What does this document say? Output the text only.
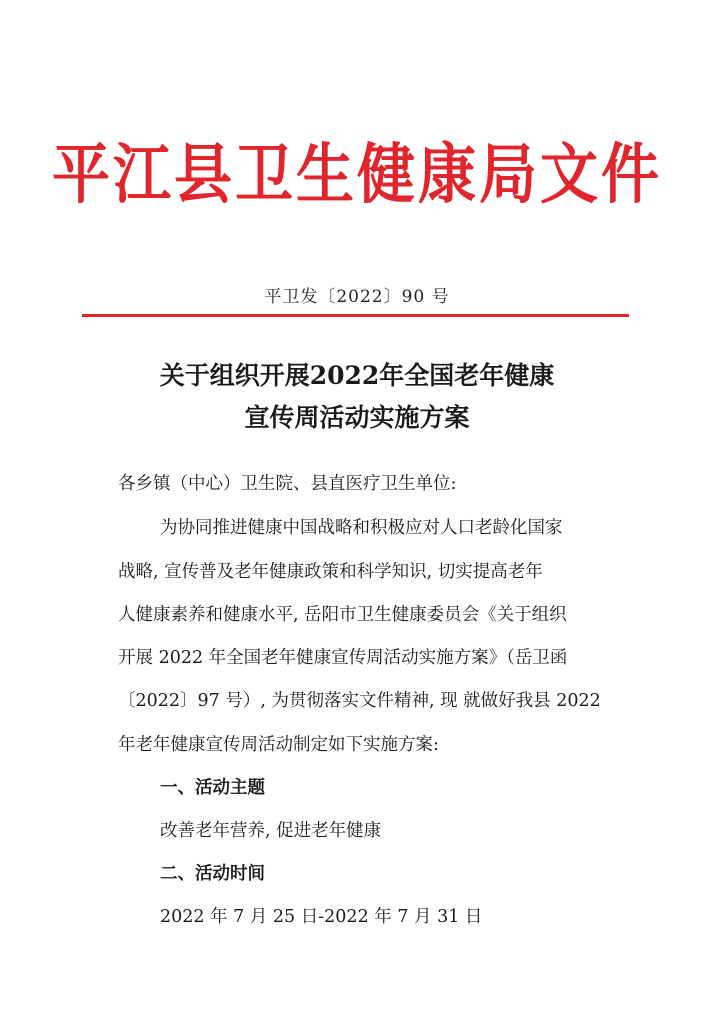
平江县卫生健康局文件
平卫发〔2022〕90 号
关于组织开展2022年全国老年健康
宣传周活动实施方案
各乡镇（中心）卫生院、县直医疗卫生单位:
为协同推进健康中国战略和积极应对人口老龄化国家
战略, 宣传普及老年健康政策和科学知识, 切实提高老年
人健康素养和健康水平, 岳阳市卫生健康委员会《关于组织
开展 2022 年全国老年健康宣传周活动实施方案》（岳卫函
〔2022〕97 号）, 为贯彻落实文件精神, 现 就做好我县 2022
年老年健康宣传周活动制定如下实施方案:
一、活动主题
改善老年营养, 促进老年健康
二、活动时间
2022 年 7 月 25 日-2022 年 7 月 31 日
